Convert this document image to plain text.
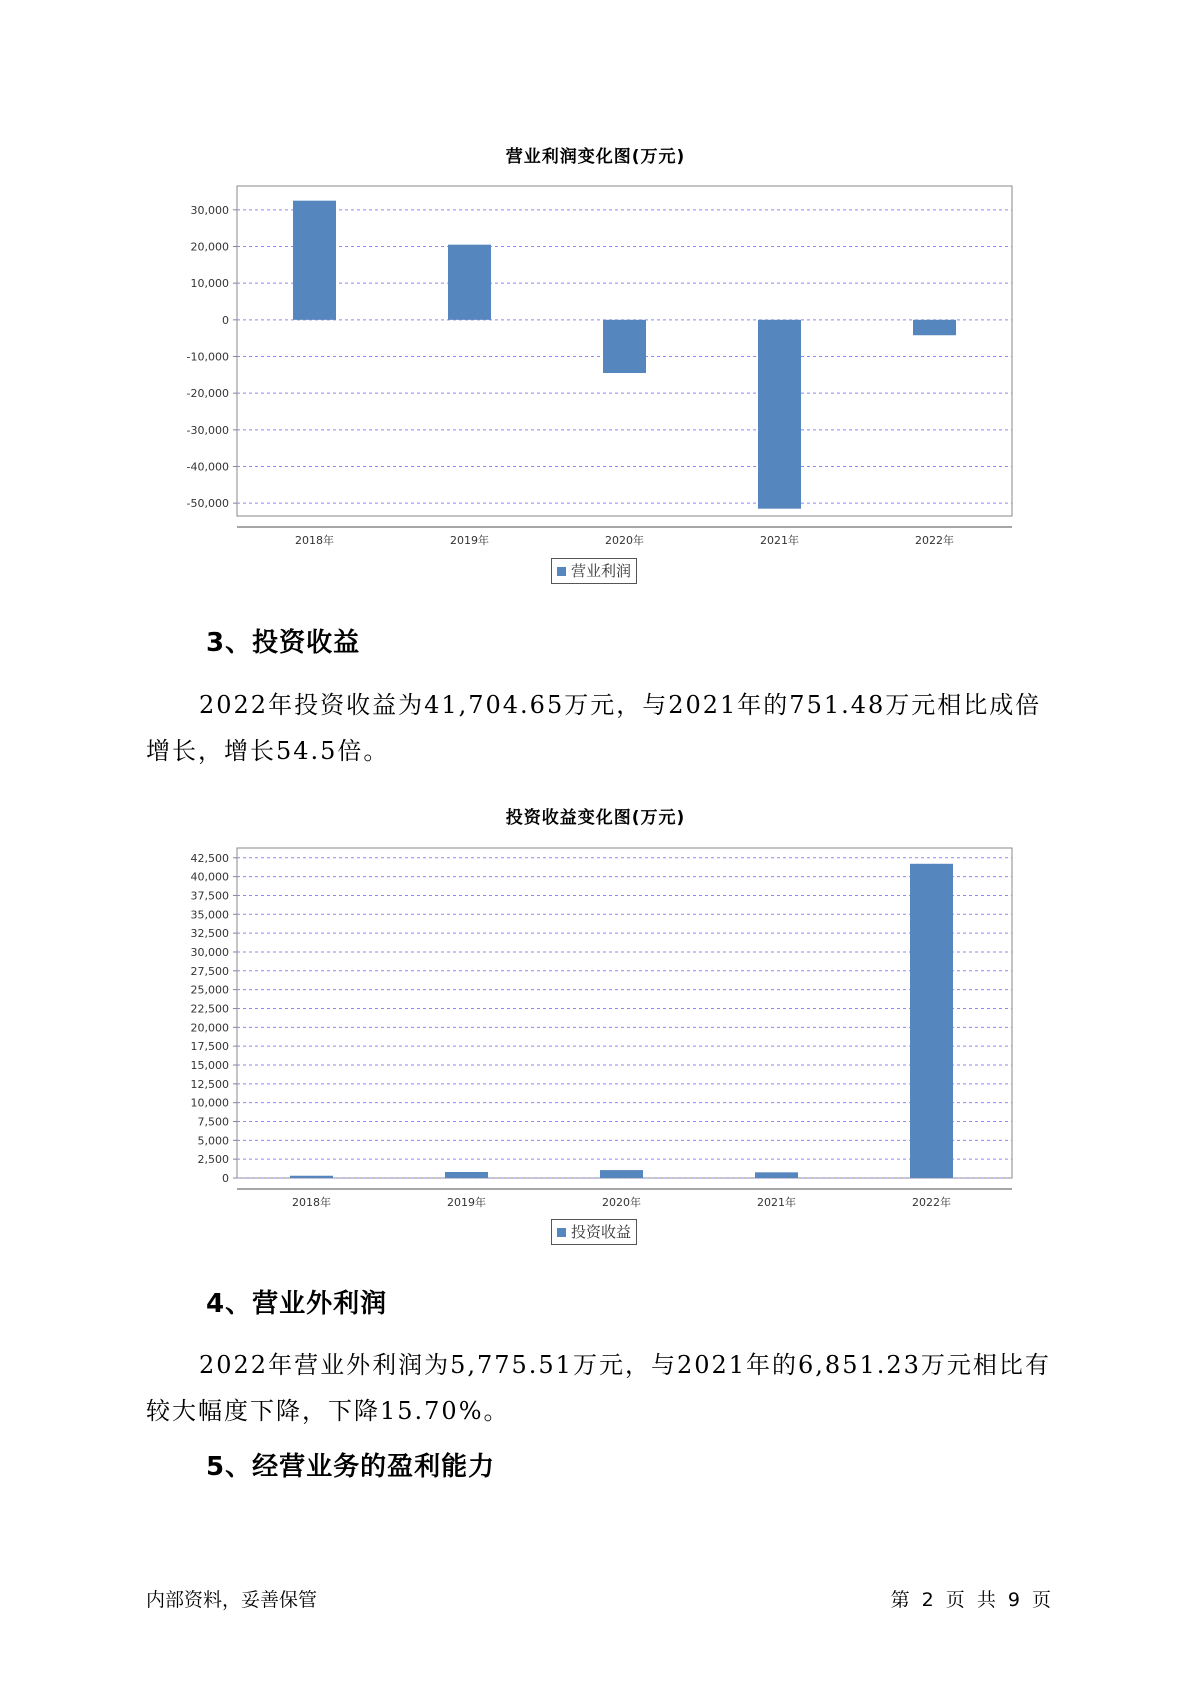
营业利润变化图(万元)
30,000
20,000
10,000
0
-10,000
-20,000
-30,000
-40,000
-50,000
2018年	2019年	2020年	2021年	2022年
营业利润
3、投资收益
2022年投资收益为41,704.65万元，与2021年的751.48万元相比成倍增长，增长54.5倍。
投资收益变化图(万元)
42,500
40,000
37,500
35,000
32,500
30,000
27,500
25,000
22,500
20,000
17,500
15,000
12,500
10,000
7,500
5,000
2,500
0
2018年	2019年	2020年	2021年	2022年
投资收益
4、营业外利润
2022年营业外利润为5,775.51万元，与2021年的6,851.23万元相比有较大幅度下降，下降15.70%。
5、经营业务的盈利能力
内部资料，妥善保管	第 2 页 共 9 页
